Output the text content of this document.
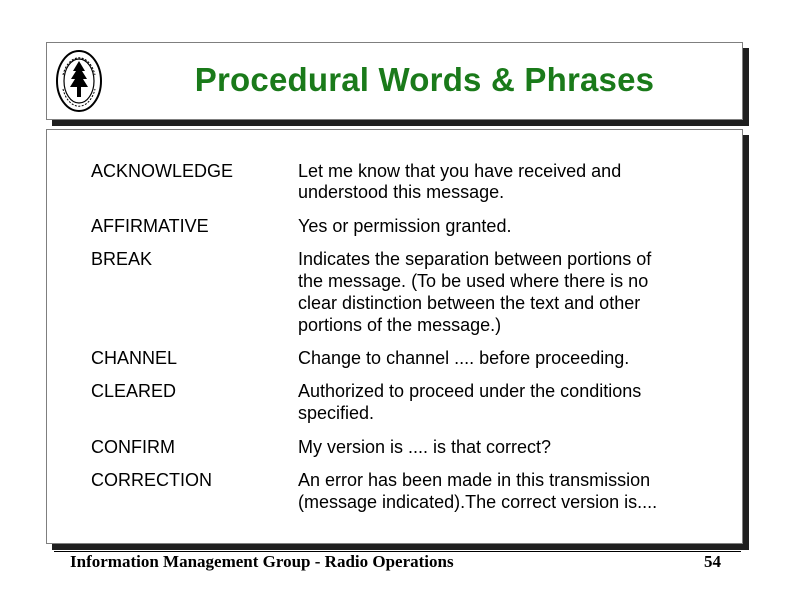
Procedural Words & Phrases
ACKNOWLEDGE	Let me know that you have received and
understood this message.
AFFIRMATIVE	Yes or permission granted.
BREAK	Indicates the separation between portions of
the message. (To be used where there is no
clear distinction between the text and other
portions of the message.)
CHANNEL	Change to channel .... before proceeding.
CLEARED	Authorized to proceed under the conditions
specified.
CONFIRM	My version is .... is that correct?
CORRECTION	An error has been made in this transmission
(message indicated).The correct version is....
Information Management Group - Radio Operations	54
